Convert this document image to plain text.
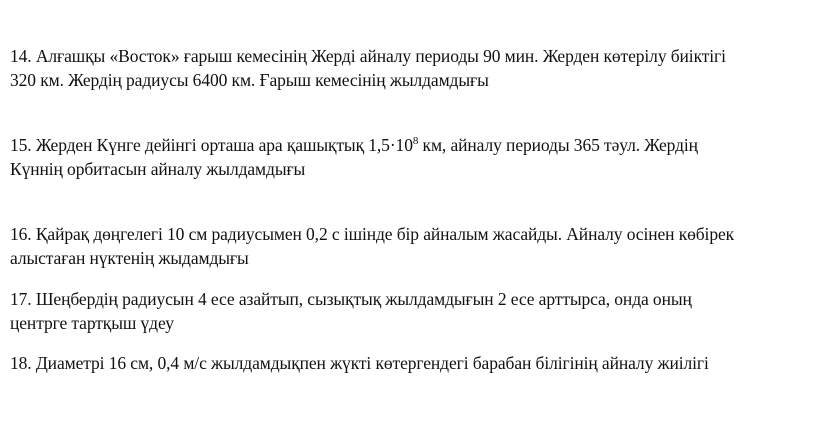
14. Алғашқы «Восток» ғарыш кемесінің Жерді айналу периоды 90 мин. Жерден көтерілу биіктігі
320 км. Жердің радиусы 6400 км. Ғарыш кемесінің жылдамдығы
15. Жерден Күнге дейінгі орташа ара қашықтық $1,5\cdot 10^8$ км, айналу периоды 365 тәул. Жердің
Күннің орбитасын айналу жылдамдығы
16. Қайрақ дөңгелегі 10 см радиусымен 0,2 с ішінде бір айналым жасайды. Айналу осінен көбірек
алыстаған нүктенің жыдамдығы
17. Шеңбердің радиусын 4 есе азайтып, сызықтық жылдамдығын 2 есе арттырса, онда оның
центрге тартқыш үдеу
18. Диаметрі 16 см, 0,4 м/с жылдамдықпен жүкті көтергендегі барабан білігінің айналу жиілігі
